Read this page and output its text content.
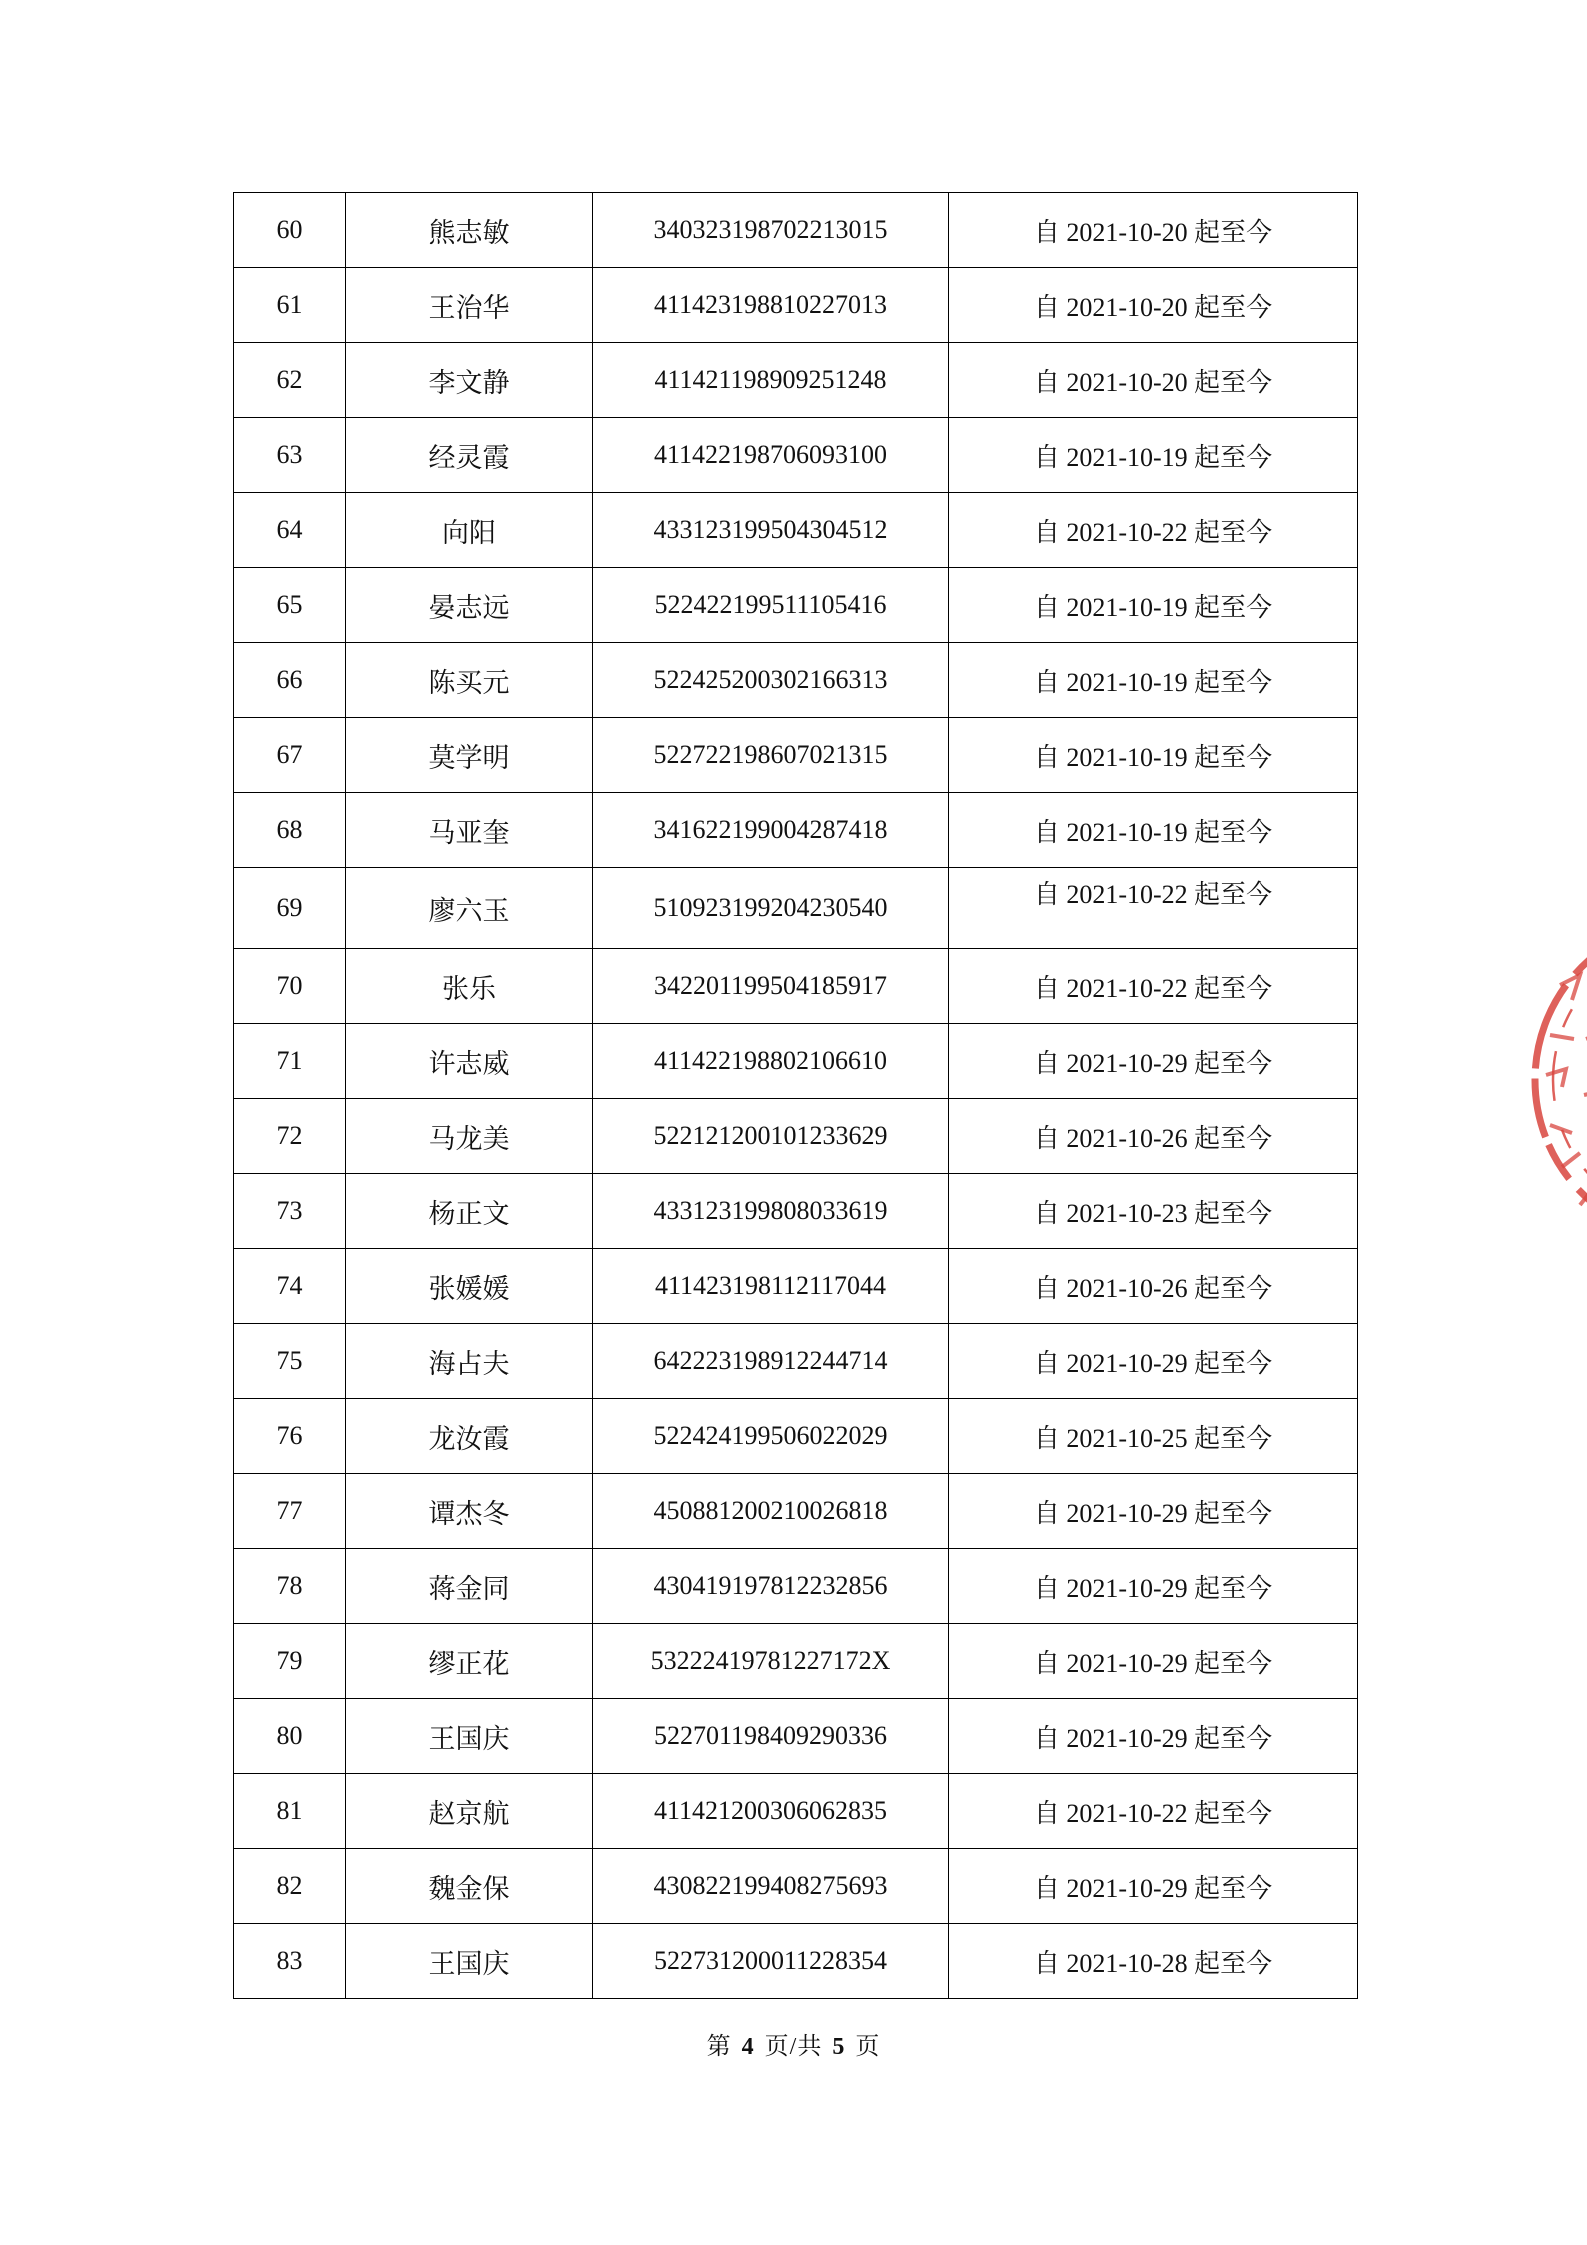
60	熊志敏	340323198702213015	自 2021-10-20 起至今
61	王治华	411423198810227013	自 2021-10-20 起至今
62	李文静	411421198909251248	自 2021-10-20 起至今
63	经灵霞	411422198706093100	自 2021-10-19 起至今
64	向阳	433123199504304512	自 2021-10-22 起至今
65	晏志远	522422199511105416	自 2021-10-19 起至今
66	陈买元	522425200302166313	自 2021-10-19 起至今
67	莫学明	522722198607021315	自 2021-10-19 起至今
68	马亚奎	341622199004287418	自 2021-10-19 起至今
69	廖六玉	510923199204230540	自 2021-10-22 起至今
70	张乐	342201199504185917	自 2021-10-22 起至今
71	许志威	411422198802106610	自 2021-10-29 起至今
72	马龙美	522121200101233629	自 2021-10-26 起至今
73	杨正文	433123199808033619	自 2021-10-23 起至今
74	张媛媛	411423198112117044	自 2021-10-26 起至今
75	海占夫	642223198912244714	自 2021-10-29 起至今
76	龙汝霞	522424199506022029	自 2021-10-25 起至今
77	谭杰冬	450881200210026818	自 2021-10-29 起至今
78	蒋金同	430419197812232856	自 2021-10-29 起至今
79	缪正花	53222419781227172X	自 2021-10-29 起至今
80	王国庆	522701198409290336	自 2021-10-29 起至今
81	赵京航	411421200306062835	自 2021-10-22 起至今
82	魏金保	430822199408275693	自 2021-10-29 起至今
83	王国庆	522731200011228354	自 2021-10-28 起至今
第 4 页/共 5 页
